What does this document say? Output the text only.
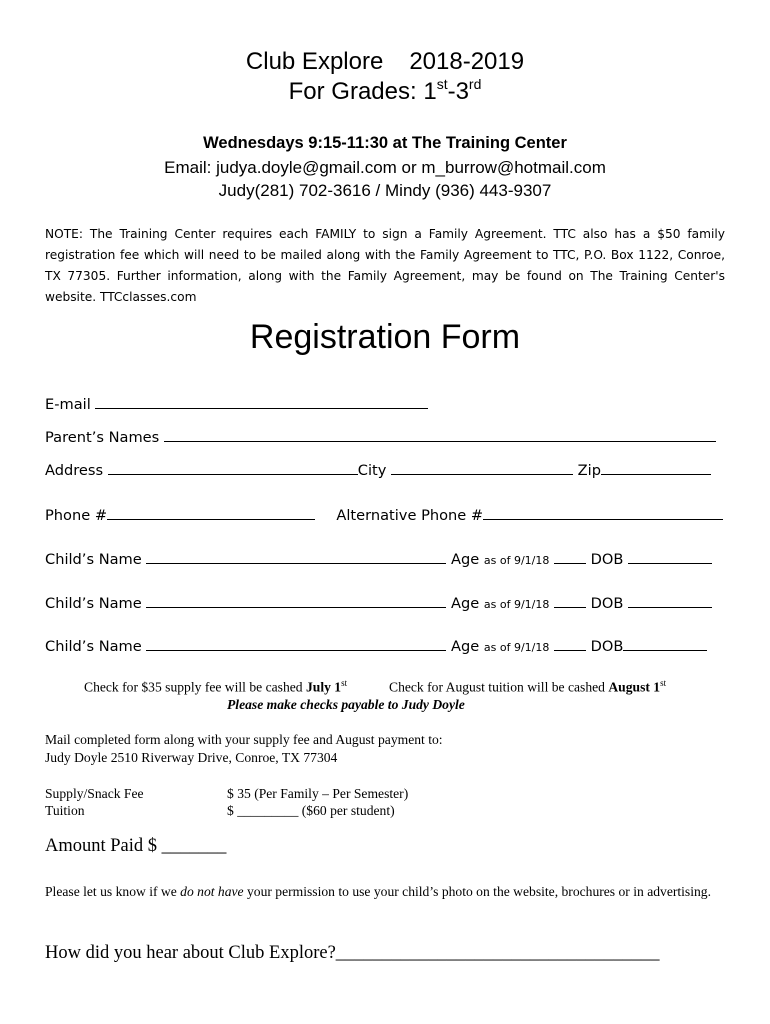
Club Explore 2018-2019
For Grades: 1st-3rd
Wednesdays 9:15-11:30 at The Training Center
Email: judya.doyle@gmail.com or m_burrow@hotmail.com
Judy(281) 702-3616 / Mindy (936) 443-9307
NOTE: The Training Center requires each FAMILY to sign a Family Agreement. TTC also has a $50 family registration fee which will need to be mailed along with the Family Agreement to TTC, P.O. Box 1122, Conroe, TX 77305. Further information, along with the Family Agreement, may be found on The Training Center's website. TTCclasses.com
Registration Form
E-mail
Parent’s Names
Address	City	Zip
Phone #	Alternative Phone #
Child’s Name	Age as of 9/1/18	DOB
Child’s Name	Age as of 9/1/18	DOB
Child’s Name	Age as of 9/1/18	DOB
Check for $35 supply fee will be cashed July 1st	Check for August tuition will be cashed August 1st
Please make checks payable to Judy Doyle
Mail completed form along with your supply fee and August payment to:
Judy Doyle 2510 Riverway Drive, Conroe, TX 77304
Supply/Snack Fee	$ 35 (Per Family – Per Semester)
Tuition	$ _________ ($60 per student)
Amount Paid $ _______
Please let us know if we do not have your permission to use your child’s photo on the website, brochures or in advertising.
How did you hear about Club Explore?___________________________________
